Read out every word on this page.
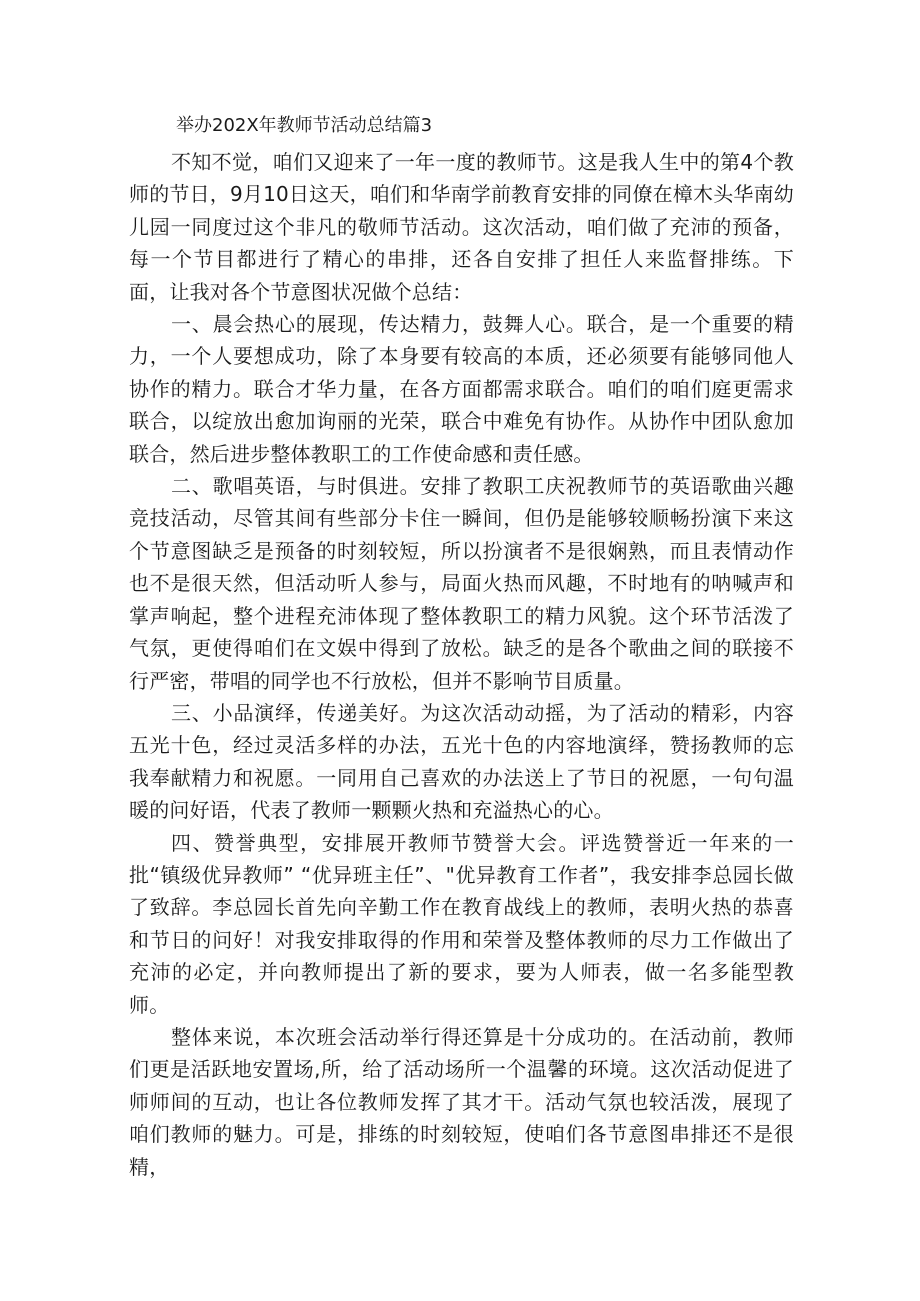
举办202X年教师节活动总结篇3

不知不觉，咱们又迎来了一年一度的教师节。这是我人生中的第4个教师的节日，9月10日这天，咱们和华南学前教育安排的同僚在樟木头华南幼儿园一同度过这个非凡的敬师节活动。这次活动，咱们做了充沛的预备，每一个节目都进行了精心的串排，还各自安排了担任人来监督排练。下面，让我对各个节意图状况做个总结：

一、晨会热心的展现，传达精力，鼓舞人心。联合，是一个重要的精力，一个人要想成功，除了本身要有较高的本质，还必须要有能够同他人协作的精力。联合才华力量，在各方面都需求联合。咱们的咱们庭更需求联合，以绽放出愈加询丽的光荣，联合中难免有协作。从协作中团队愈加联合，然后进步整体教职工的工作使命感和责任感。

二、歌唱英语，与时俱进。安排了教职工庆祝教师节的英语歌曲兴趣竞技活动，尽管其间有些部分卡住一瞬间，但仍是能够较顺畅扮演下来这个节意图缺乏是预备的时刻较短，所以扮演者不是很娴熟，而且表情动作也不是很天然，但活动听人参与，局面火热而风趣，不时地有的呐喊声和掌声响起，整个进程充沛体现了整体教职工的精力风貌。这个环节活泼了气氛，更使得咱们在文娱中得到了放松。缺乏的是各个歌曲之间的联接不行严密，带唱的同学也不行放松，但并不影响节目质量。

三、小品演绎，传递美好。为这次活动动摇，为了活动的精彩，内容五光十色，经过灵活多样的办法，五光十色的内容地演绎，赞扬教师的忘我奉献精力和祝愿。一同用自己喜欢的办法送上了节日的祝愿，一句句温暖的问好语，代表了教师一颗颗火热和充溢热心的心。

四、赞誉典型，安排展开教师节赞誉大会。评选赞誉近一年来的一批“镇级优异教师” “优异班主任”、"优异教育工作者”，我安排李总园长做了致辞。李总园长首先向辛勤工作在教育战线上的教师，表明火热的恭喜和节日的问好！对我安排取得的作用和荣誉及整体教师的尽力工作做出了充沛的必定，并向教师提出了新的要求，要为人师表，做一名多能型教师。

整体来说，本次班会活动举行得还算是十分成功的。在活动前，教师们更是活跃地安置场,所，给了活动场所一个温馨的环境。这次活动促进了师师间的互动，也让各位教师发挥了其才干。活动气氛也较活泼，展现了咱们教师的魅力。可是，排练的时刻较短，使咱们各节意图串排还不是很精，
